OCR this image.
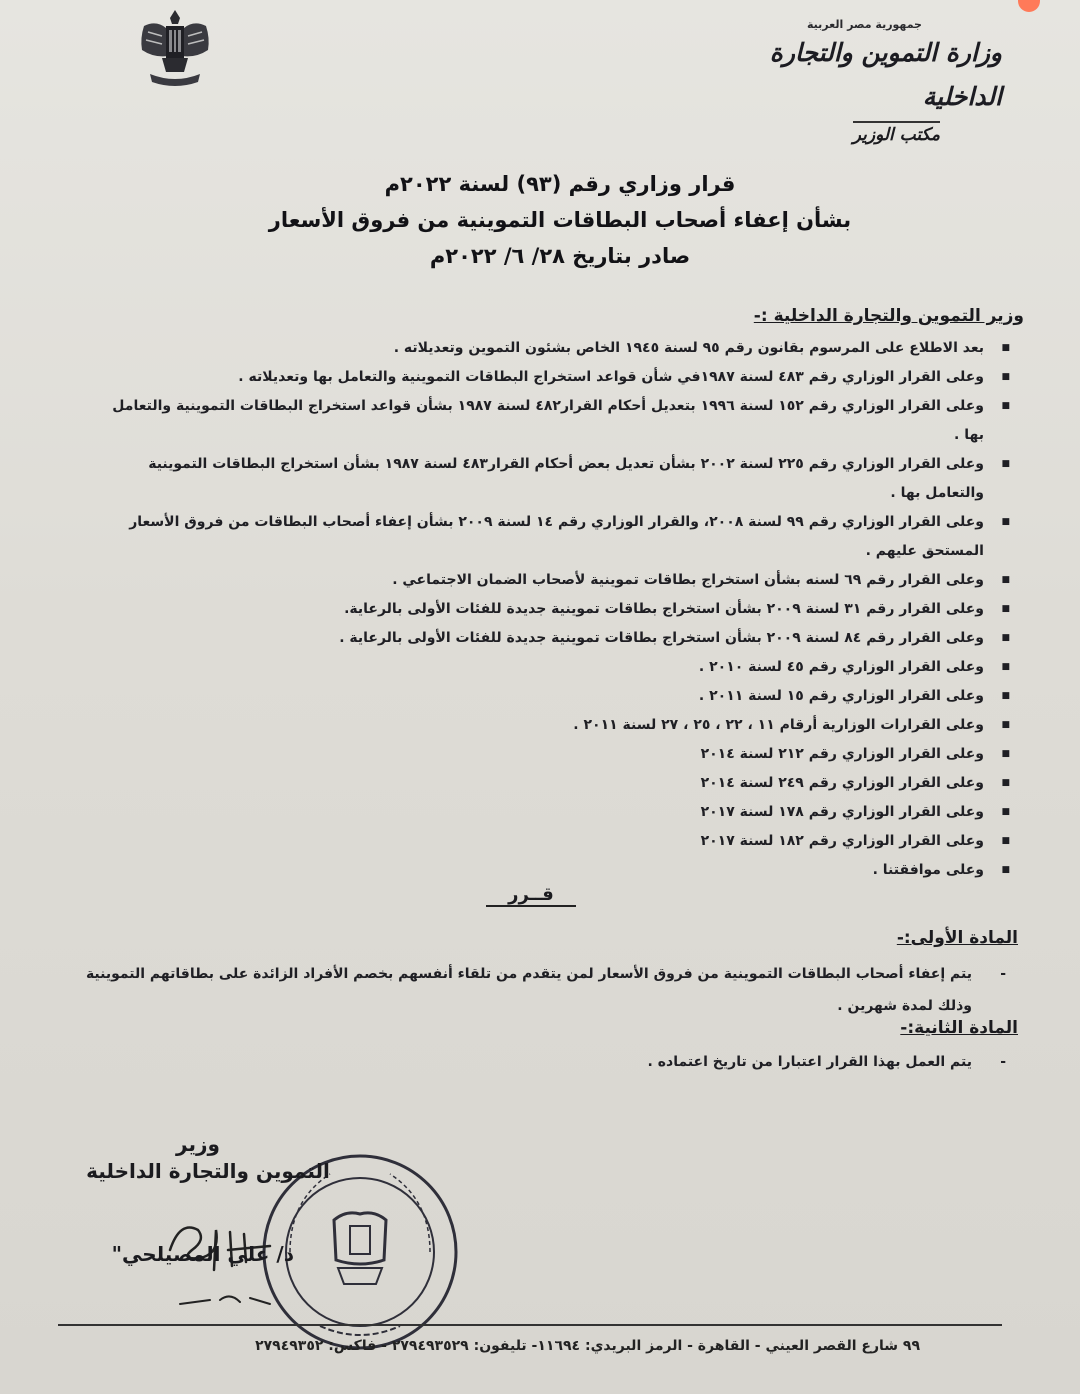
جمهورية مصر العربية
وزارة التموين والتجارة الداخلية
مكتب الوزير
قرار وزاري رقم (٩٣) لسنة ٢٠٢٢م
بشأن إعفاء أصحاب البطاقات التموينية من فروق الأسعار
صادر بتاريخ ٢٨/ ٦/ ٢٠٢٢م
وزير التموين والتجارة الداخلية :-
■ بعد الاطلاع على المرسوم بقانون رقم ٩٥ لسنة ١٩٤٥ الخاص بشئون التموين وتعديلاته .
■ وعلى القرار الوزاري رقم ٤٨٣ لسنة ١٩٨٧في شأن قواعد استخراج البطاقات التموينية والتعامل بها وتعديلاته .
■ وعلى القرار الوزاري رقم ١٥٢ لسنة ١٩٩٦ بتعديل أحكام القرار٤٨٢ لسنة ١٩٨٧ بشأن قواعد استخراج البطاقات التموينية والتعامل بها .
■ وعلى القرار الوزاري رقم ٢٢٥ لسنة ٢٠٠٢ بشأن تعديل بعض أحكام القرار٤٨٣ لسنة ١٩٨٧ بشأن استخراج البطاقات التموينية والتعامل بها .
■ وعلى القرار الوزاري رقم ٩٩ لسنة ٢٠٠٨، والقرار الوزاري رقم ١٤ لسنة ٢٠٠٩ بشأن إعفاء أصحاب البطاقات من فروق الأسعار المستحق عليهم .
■ وعلى القرار رقم ٦٩ لسنه بشأن استخراج بطاقات تموينية لأصحاب الضمان الاجتماعي .
■ وعلى القرار رقم ٣١ لسنة ٢٠٠٩ بشأن استخراج بطاقات تموينية جديدة للفئات الأولى بالرعاية.
■ وعلى القرار رقم ٨٤ لسنة ٢٠٠٩ بشأن استخراج بطاقات تموينية جديدة للفئات الأولى بالرعاية .
■ وعلى القرار الوزاري رقم ٤٥ لسنة ٢٠١٠ .
■ وعلى القرار الوزاري رقم ١٥ لسنة ٢٠١١ .
■ وعلى القرارات الوزارية أرقام ١١ ، ٢٢ ، ٢٥ ، ٢٧ لسنة ٢٠١١ .
■ وعلى القرار الوزاري رقم ٢١٢ لسنة ٢٠١٤
■ وعلى القرار الوزاري رقم ٢٤٩ لسنة ٢٠١٤
■ وعلى القرار الوزاري رقم ١٧٨ لسنة ٢٠١٧
■ وعلى القرار الوزاري رقم ١٨٢ لسنة ٢٠١٧
■ وعلى موافقتنا .
قــرر
المادة الأولى:-
-
يتم إعفاء أصحاب البطاقات التموينية من فروق الأسعار لمن يتقدم من تلقاء أنفسهم بخصم الأفراد الزائدة على بطاقاتهم التموينية وذلك لمدة شهرين .
المادة الثانية:-
-
يتم العمل بهذا القرار اعتبارا من تاريخ اعتماده .
وزير
التموين والتجارة الداخلية
د/ علي المصيلحي"
٩٩ شارع القصر العيني - القاهرة - الرمز البريدي: ١١٦٩٤- تليفون: ٢٧٩٤٩٣٥٢٩ - فاكس: ٢٧٩٤٩٣٥٢
